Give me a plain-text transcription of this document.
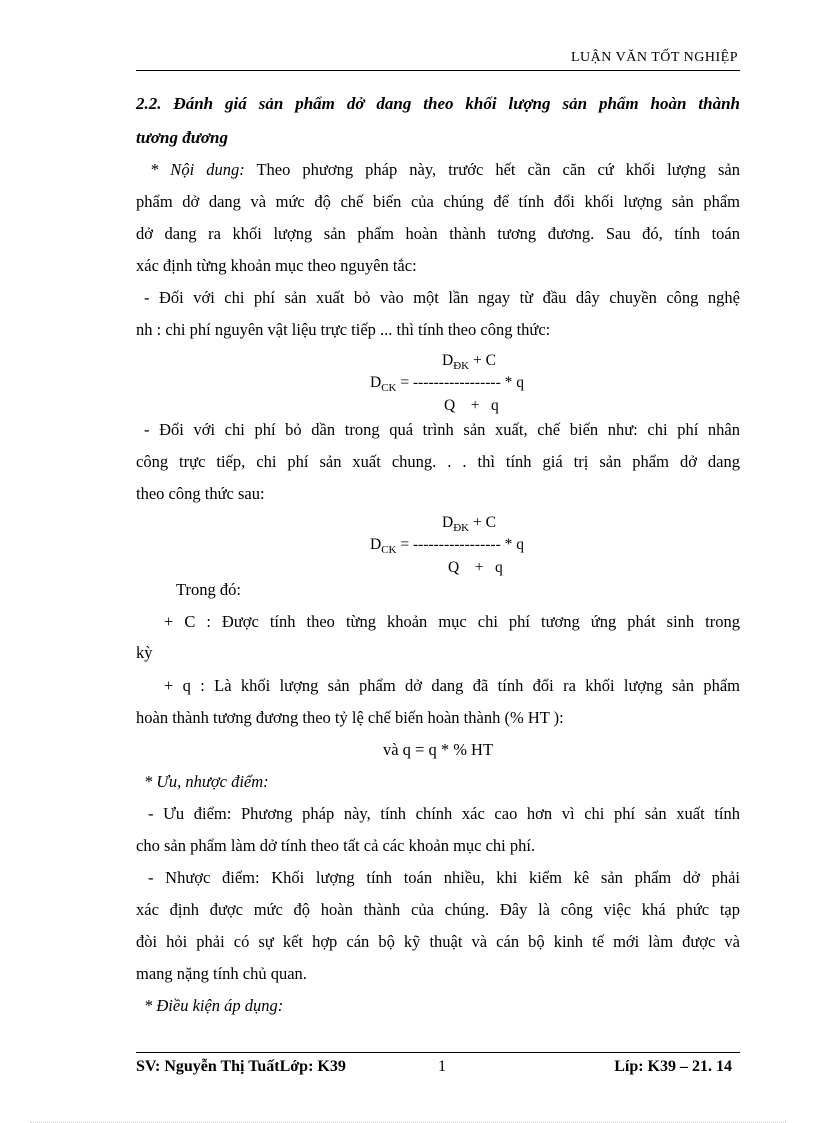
LUẬN VĂN TỐT NGHIỆP
2.2. Đánh giá sản phẩm dở dang theo khối lượng sản phẩm hoàn thành
tương đương
* Nội dung: Theo phương pháp này, trước hết cần căn cứ khối lượng sản
phẩm dở dang và mức độ chế biến của chúng để tính đổi khối lượng sản phẩm
dở dang ra khối lượng sản phẩm hoàn thành tương đương. Sau đó, tính toán
xác định từng khoản mục theo nguyên tắc:
- Đối với chi phí sản xuất bỏ vào một lần ngay từ đầu dây chuyền công nghệ
nh : chi phí nguyên vật liệu trực tiếp ... thì tính theo công thức:
$D_{ĐK} + C$
$D_{CK}$ = ----------------- * q
Q    +   q
- Đối với chi phí bỏ dần trong quá trình sản xuất, chế biến như: chi phí nhân
công trực tiếp, chi phí sản xuất chung. . . thì tính giá trị sản phẩm dở dang
theo công thức sau:
$D_{ĐK} + C$
$D_{CK}$ = ----------------- * q
Q    +   q
Trong đó:
+ C : Được tính theo từng khoản mục chi phí tương ứng phát sinh trong
kỳ
+ q : Là khối lượng sản phẩm dở dang đã tính đổi ra khối lượng sản phẩm
hoàn thành tương đương theo tỷ lệ chế biến hoàn thành (% HT ):
và q = q * % HT
* Ưu, nhược điểm:
- Ưu điểm: Phương pháp này, tính chính xác cao hơn vì chi phí sản xuất tính
cho sản phẩm làm dở tính theo tất cả các khoản mục chi phí.
- Nhược điểm: Khối lượng tính toán nhiều, khi kiểm kê sản phẩm dở phải
xác định được mức độ hoàn thành của chúng. Đây là công việc khá phức tạp
đòi hỏi phải có sự kết hợp cán bộ kỹ thuật và cán bộ kinh tế mới làm được và
mang nặng tính chủ quan.
* Điều kiện áp dụng:
SV: Nguyễn Thị TuấtLớp: K39	1	Líp: K39 – 21. 14
